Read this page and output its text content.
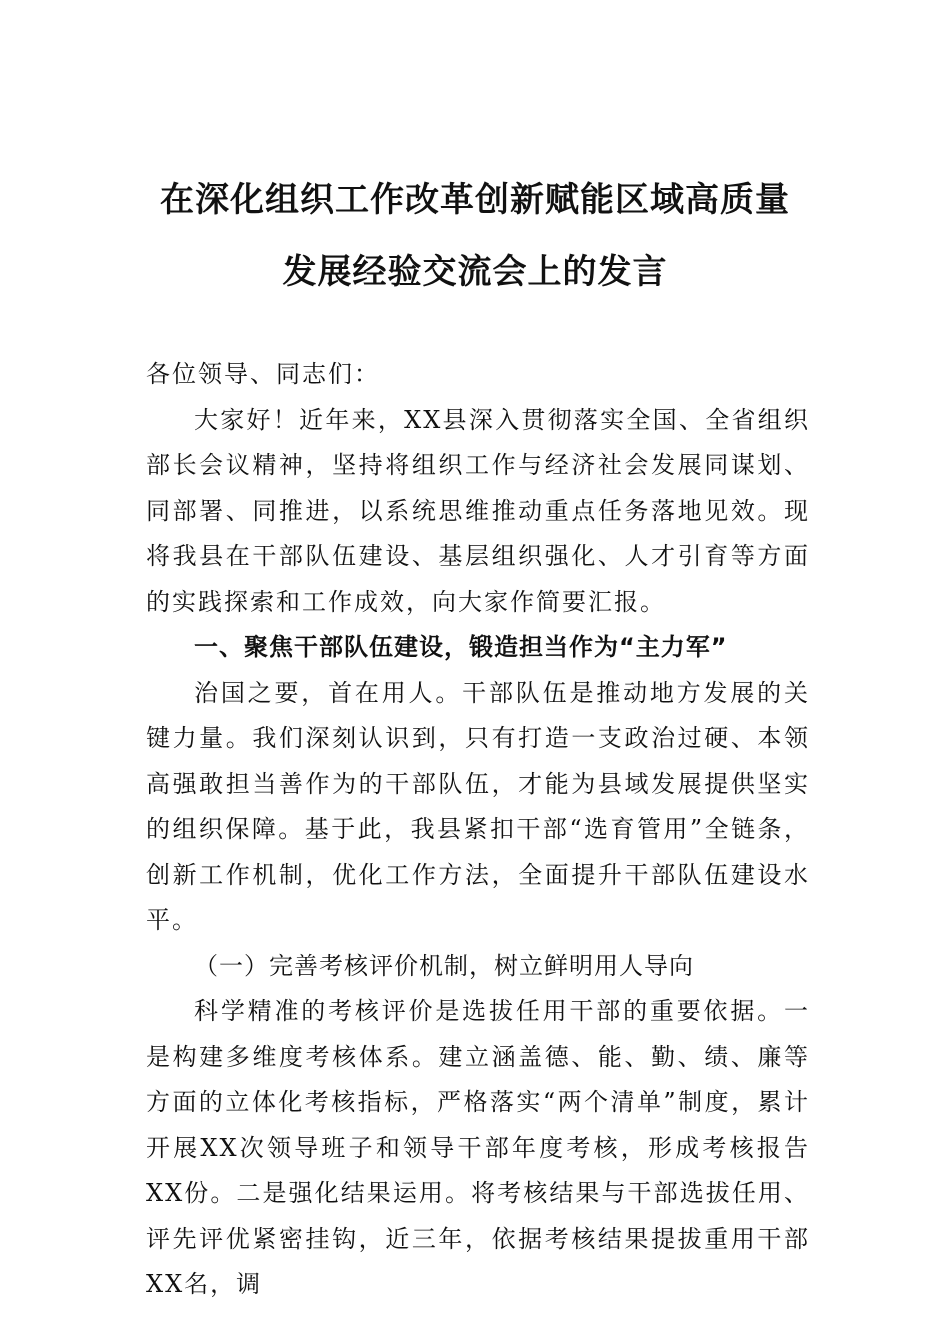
在深化组织工作改革创新赋能区域高质量
发展经验交流会上的发言

各位领导、同志们：

大家好！近年来，XX县深入贯彻落实全国、全省组织部长会议精神，坚持将组织工作与经济社会发展同谋划、同部署、同推进，以系统思维推动重点任务落地见效。现将我县在干部队伍建设、基层组织强化、人才引育等方面的实践探索和工作成效，向大家作简要汇报。

一、聚焦干部队伍建设，锻造担当作为“主力军”

治国之要，首在用人。干部队伍是推动地方发展的关键力量。我们深刻认识到，只有打造一支政治过硬、本领高强敢担当善作为的干部队伍，才能为县域发展提供坚实的组织保障。基于此，我县紧扣干部“选育管用”全链条，创新工作机制，优化工作方法，全面提升干部队伍建设水平。

（一）完善考核评价机制，树立鲜明用人导向

科学精准的考核评价是选拔任用干部的重要依据。一是构建多维度考核体系。建立涵盖德、能、勤、绩、廉等方面的立体化考核指标，严格落实“两个清单”制度，累计开展XX次领导班子和领导干部年度考核，形成考核报告XX份。二是强化结果运用。将考核结果与干部选拔任用、评先评优紧密挂钩，近三年，依据考核结果提拔重用干部XX名，调
